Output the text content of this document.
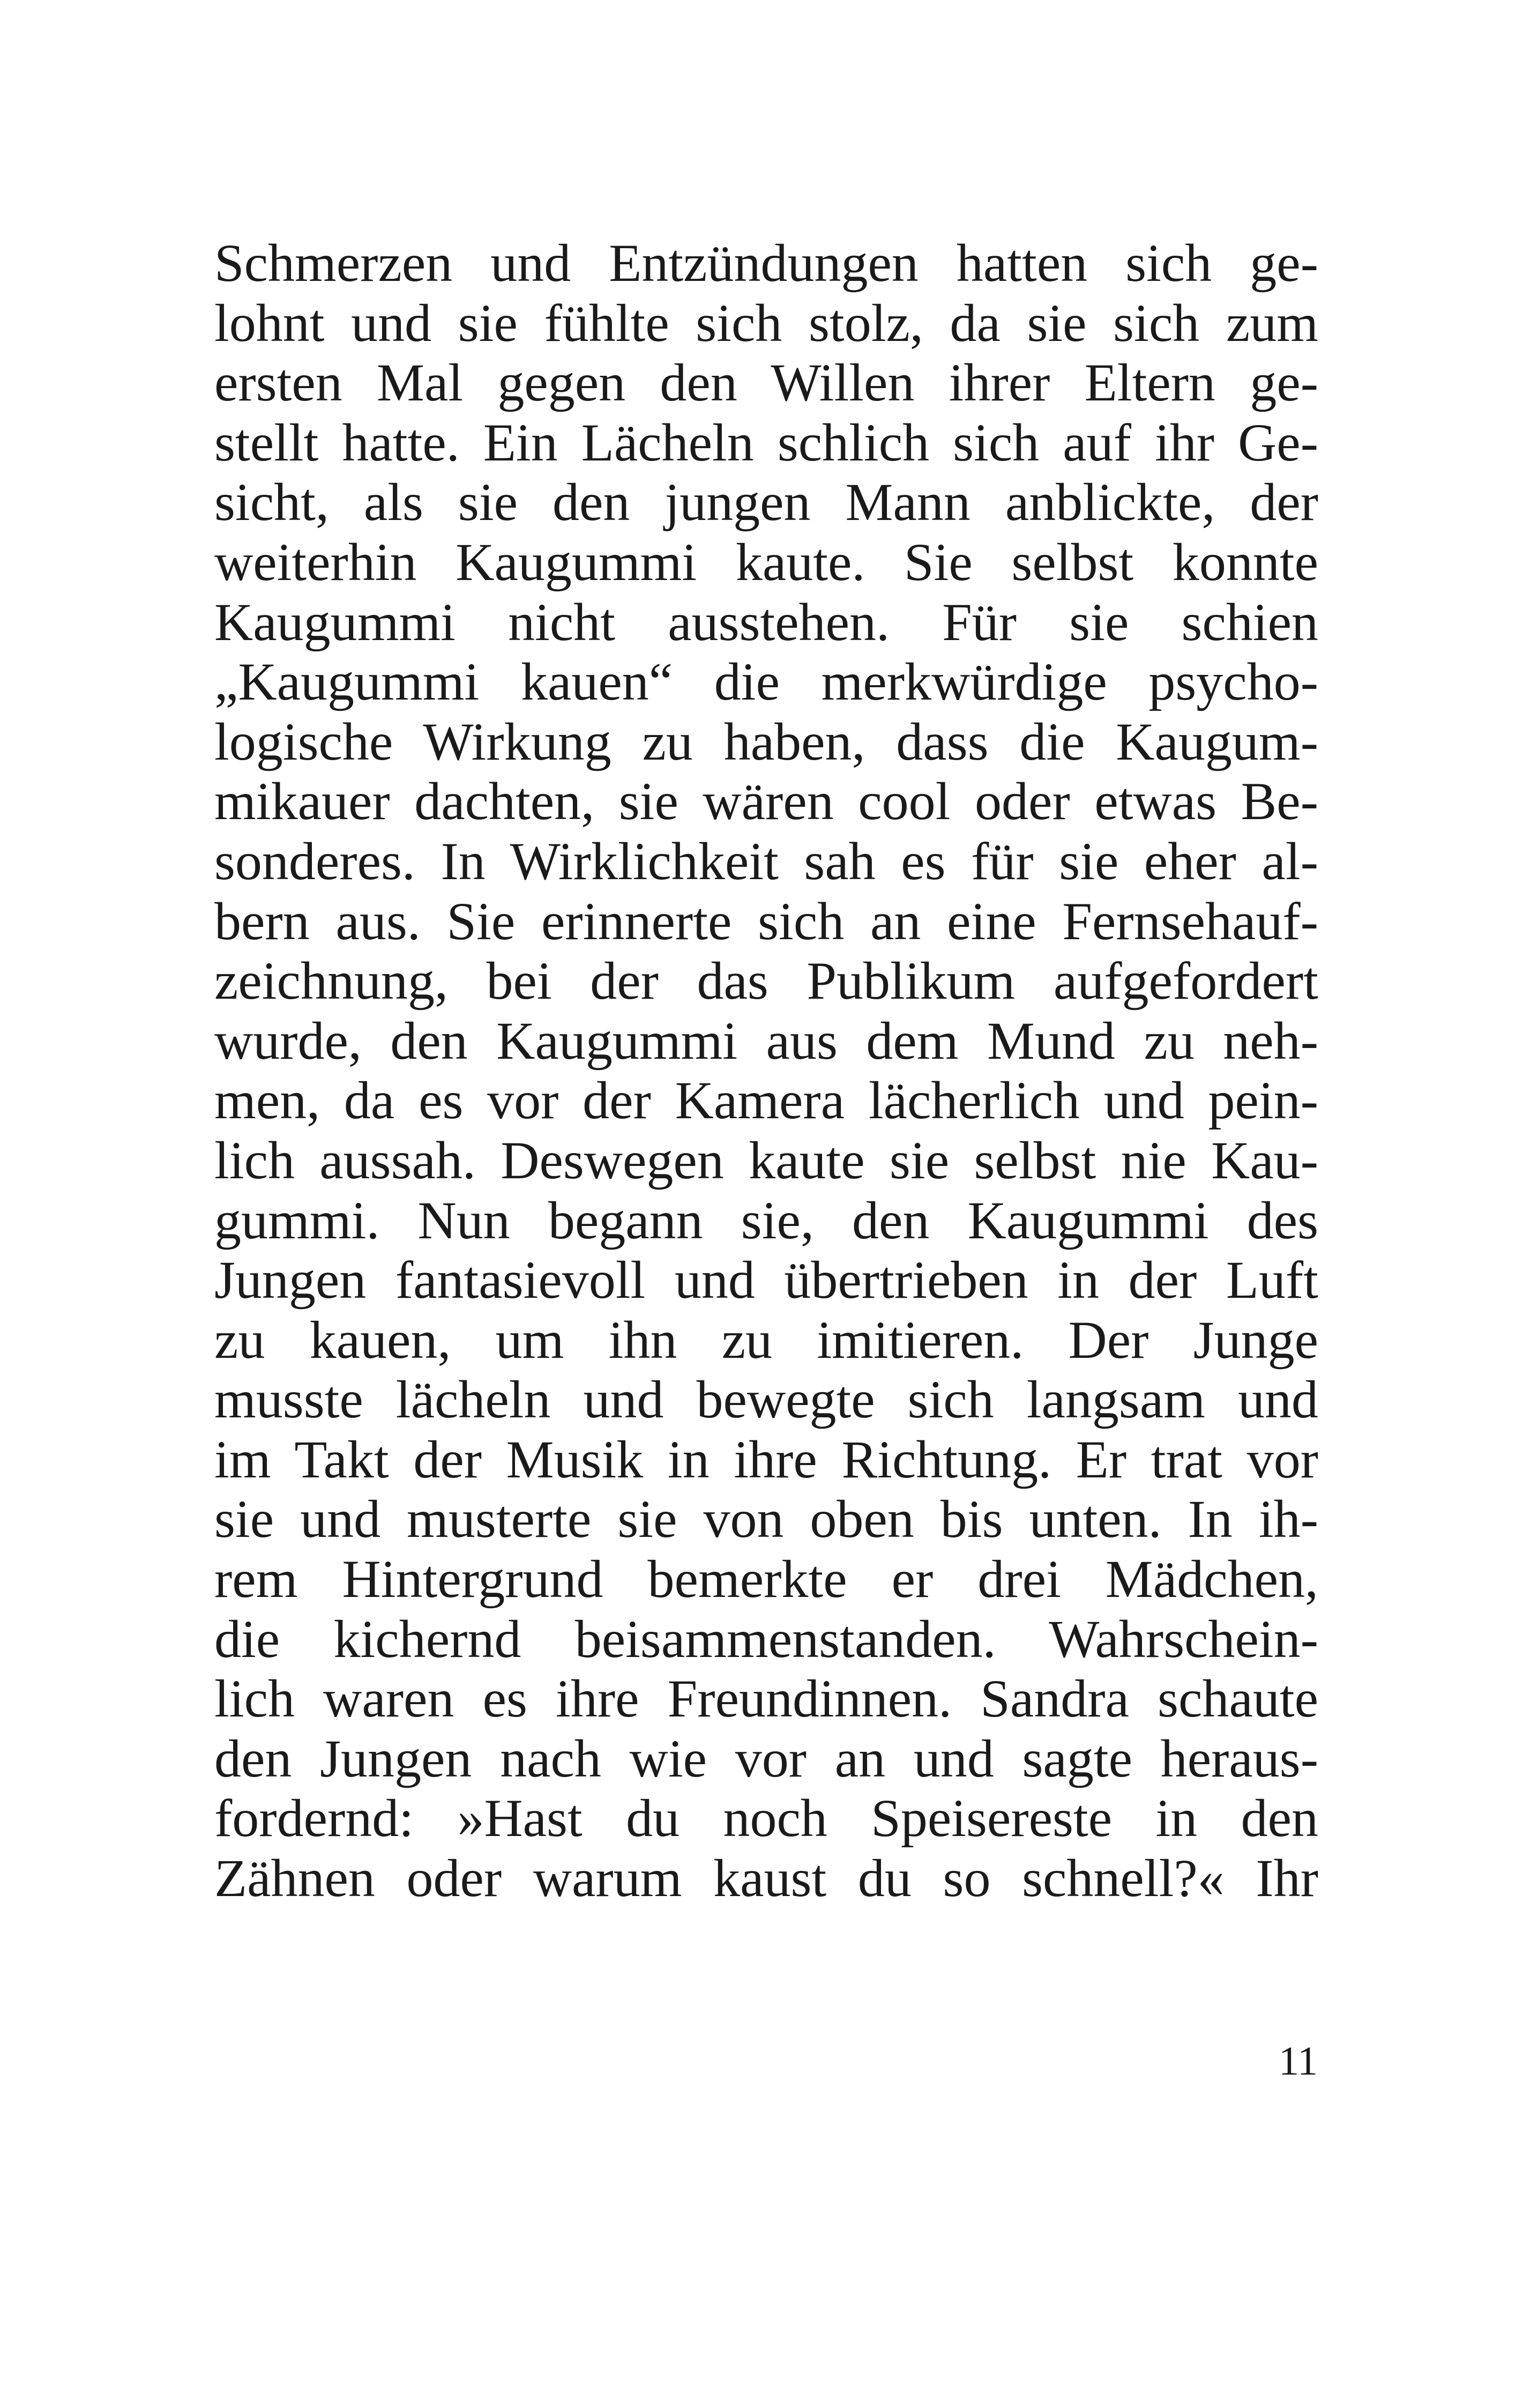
Schmerzen und Entzündungen hatten sich ge-
lohnt und sie fühlte sich stolz, da sie sich zum
ersten Mal gegen den Willen ihrer Eltern ge-
stellt hatte. Ein Lächeln schlich sich auf ihr Ge-
sicht, als sie den jungen Mann anblickte, der
weiterhin Kaugummi kaute. Sie selbst konnte
Kaugummi nicht ausstehen. Für sie schien
„Kaugummi kauen“ die merkwürdige psycho-
logische Wirkung zu haben, dass die Kaugum-
mikauer dachten, sie wären cool oder etwas Be-
sonderes. In Wirklichkeit sah es für sie eher al-
bern aus. Sie erinnerte sich an eine Fernsehauf-
zeichnung, bei der das Publikum aufgefordert
wurde, den Kaugummi aus dem Mund zu neh-
men, da es vor der Kamera lächerlich und pein-
lich aussah. Deswegen kaute sie selbst nie Kau-
gummi. Nun begann sie, den Kaugummi des
Jungen fantasievoll und übertrieben in der Luft
zu kauen, um ihn zu imitieren. Der Junge
musste lächeln und bewegte sich langsam und
im Takt der Musik in ihre Richtung. Er trat vor
sie und musterte sie von oben bis unten. In ih-
rem Hintergrund bemerkte er drei Mädchen,
die kichernd beisammenstanden. Wahrschein-
lich waren es ihre Freundinnen. Sandra schaute
den Jungen nach wie vor an und sagte heraus-
fordernd: »Hast du noch Speisereste in den
Zähnen oder warum kaust du so schnell?« Ihr
11
